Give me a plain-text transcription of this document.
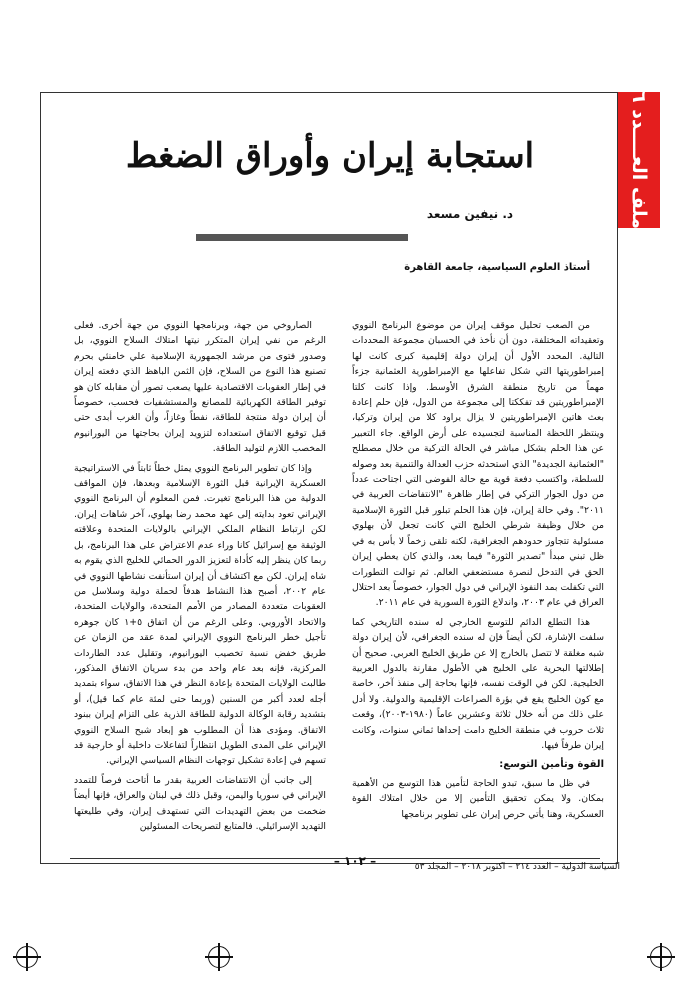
ملف العــــدد ٦
استجابة إيران وأوراق الضغط
د. نيفين مسعد
أستاذ العلوم السياسية، جامعة القاهرة

من الصعب تحليل موقف إيران من موضوع البرنامج النووي وتعقيداته المختلفة، دون أن نأخذ في الحسبان مجموعة المحددات التالية. المحدد الأول أن إيران دولة إقليمية كبرى كانت لها إمبراطوريتها التي شكل تفاعلها مع الإمبراطورية العثمانية جزءاً مهماً من تاريخ منطقة الشرق الأوسط. وإذا كانت كلتا الإمبراطوريتين قد تفككتا إلى مجموعة من الدول، فإن حلم إعادة بعث هاتين الإمبراطوريتين لا يزال يراود كلا من إيران وتركيا، وينتظر اللحظة المناسبة لتجسيده على أرض الواقع. جاء التعبير عن هذا الحلم بشكل مباشر في الحالة التركية من خلال مصطلح "العثمانية الجديدة" الذي استحدثه حزب العدالة والتنمية بعد وصوله للسلطة، واكتسب دفعة قوية مع حالة الفوضى التي اجتاحت عدداً من دول الجوار التركي في إطار ظاهرة "الانتفاضات العربية في ٢٠١١". وفي حالة إيران، فإن هذا الحلم تبلور قبل الثورة الإسلامية من خلال وظيفة شرطي الخليج التي كانت تجعل لأن بهلوي مسئولية تتجاوز حدودهم الجغرافية، لكنه تلقى زخماً لا بأس به في ظل تبني مبدأ "تصدير الثورة" فيما بعد، والذي كان يعطي إيران الحق في التدخل لنصرة مستضعفي العالم. ثم توالت التطورات التي تكفلت بمد النفوذ الإيراني في دول الجوار، خصوصاً بعد احتلال العراق في عام ٢٠٠٣، واندلاع الثورة السورية في عام ٢٠١١.

هذا التطلع الدائم للتوسع الخارجي له سنده التاريخي كما سلفت الإشارة، لكن أيضاً فإن له سنده الجغرافي، لأن إيران دولة شبه مغلقة لا تتصل بالخارج إلا عن طريق الخليج العربي. صحيح أن إطلالتها البحرية على الخليج هي الأطول مقارنة بالدول العربية الخليجية. لكن في الوقت نفسه، فإنها بحاجة إلى منفذ آخر، خاصة مع كون الخليج يقع في بؤرة الصراعات الإقليمية والدولية. ولا أدل على ذلك من أنه خلال ثلاثة وعشرين عاماً (١٩٨٠-٢٠٠٣)، وقعت ثلاث حروب في منطقة الخليج دامت إحداها ثماني سنوات، وكانت إيران طرفاً فيها.

القوة وتأمين التوسع:

في ظل ما سبق، تبدو الحاجة لتأمين هذا التوسع من الأهمية بمكان. ولا يمكن تحقيق التأمين إلا من خلال امتلاك القوة العسكرية، وهنا يأتي حرص إيران على تطوير برنامجها

الصاروخي من جهة، وبرنامجها النووي من جهة أخرى. فعلى الرغم من نفي إيران المتكرر نيتها امتلاك السلاح النووي، بل وصدور فتوى من مرشد الجمهورية الإسلامية علي خامنئي بحرم تصنيع هذا النوع من السلاح، فإن الثمن الباهظ الذي دفعته إيران في إطار العقوبات الاقتصادية عليها يصعب تصور أن مقابله كان هو توفير الطاقة الكهربائية للمصانع والمستشفيات فحسب، خصوصاً أن إيران دولة منتجة للطاقة، نفطاً وغازاً، وأن الغرب أبدى حتى قبل توقيع الاتفاق استعداده لتزويد إيران بحاجتها من اليورانيوم المخصب اللازم لتوليد الطاقة.

وإذا كان تطوير البرنامج النووي يمثل خطاً ثابتاً في الاستراتيجية العسكرية الإيرانية قبل الثورة الإسلامية وبعدها، فإن المواقف الدولية من هذا البرنامج تغيرت. فمن المعلوم أن البرنامج النووي الإيراني تعود بدايته إلى عهد محمد رضا بهلوي، آخر شاهات إيران. لكن ارتباط النظام الملكي الإيراني بالولايات المتحدة وعلاقته الوثيقة مع إسرائيل كانا وراء عدم الاعتراض على هذا البرنامج، بل ربما كان ينظر إليه كأداة لتعزيز الدور الحمائي للخليج الذي يقوم به شاه إيران. لكن مع اكتشاف أن إيران استأنفت نشاطها النووي في عام ٢٠٠٢، أصبح هذا النشاط هدفاً لحملة دولية وسلاسل من العقوبات متعددة المصادر من الأمم المتحدة، والولايات المتحدة، والاتحاد الأوروبي. وعلى الرغم من أن اتفاق ٥+١ كان جوهره تأجيل خطر البرنامج النووي الإيراني لمدة عقد من الزمان عن طريق خفض نسبة تخصيب اليورانيوم، وتقليل عدد الطاردات المركزية، فإنه بعد عام واحد من بدء سريان الاتفاق المذكور، طالبت الولايات المتحدة بإعادة النظر في هذا الاتفاق، سواء بتمديد أجله لعدد أكبر من السنين (وربما حتى لمئة عام كما قيل)، أو بتشديد رقابة الوكالة الدولية للطاقة الذرية على التزام إيران ببنود الاتفاق. ومؤدى هذا أن المطلوب هو إبعاد شبح السلاح النووي الإيراني على المدى الطويل انتظاراً لتفاعلات داخلية أو خارجية قد تسهم في إعادة تشكيل توجهات النظام السياسي الإيراني.

إلى جانب أن الانتفاضات العربية بقدر ما أتاحت فرصاً للتمدد الإيراني في سوريا واليمن، وقبل ذلك في لبنان والعراق، فإنها أيضاً ضخمت من بعض التهديدات التي تستهدف إيران، وفي طليعتها التهديد الإسرائيلي. فالمتابع لتصريحات المسئولين

السياسة الدولية – العدد ٢١٤ – اكتوبر ٢٠١٨ – المجلد ٥٣
– ١٠٢ –
